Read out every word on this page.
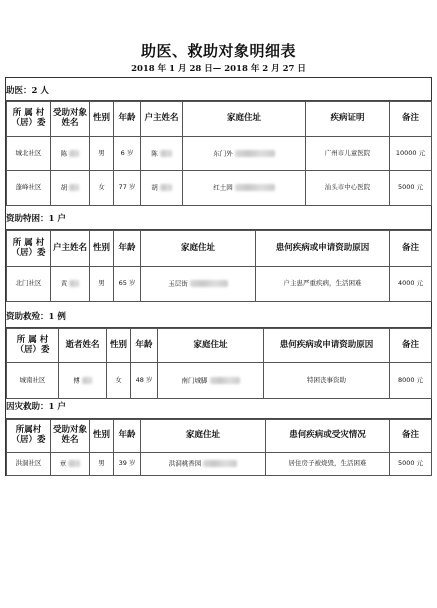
助医、救助对象明细表
2018 年 1 月 28 日— 2018 年 2 月 27 日
助医：2 人
所 属 村（居）委	受助对象姓名	性别	年龄	户主姓名	家庭住址	疾病证明	备注
城北社区	陈	男	6 岁	陈	东门外	广州市儿童医院	10000 元
蓬峰社区	胡	女	77 岁	胡	红土园	汕头市中心医院	5000 元
资助特困：1 户
所 属 村（居）委	户主姓名	性别	年龄	家庭住址	患何疾病或申请资助原因	备注
北门社区	黄	男	65 岁	玉层街	户主患严重疾病，生活困难	4000 元
资助救殓：1 例
所 属 村（居）委	逝者姓名	性别	年龄	家庭住址	患何疾病或申请资助原因	备注
城南社区	傅	女	48 岁	南门城脚	特困丧事资助	8000 元
因灾救助：1 户
所属村（居）委	受助对象姓名	性别	年龄	家庭住址	患何疾病或受灾情况	备注
洪洞社区	章	男	39 岁	洪洞桃香园	居住房子被烧毁，生活困难	5000 元
